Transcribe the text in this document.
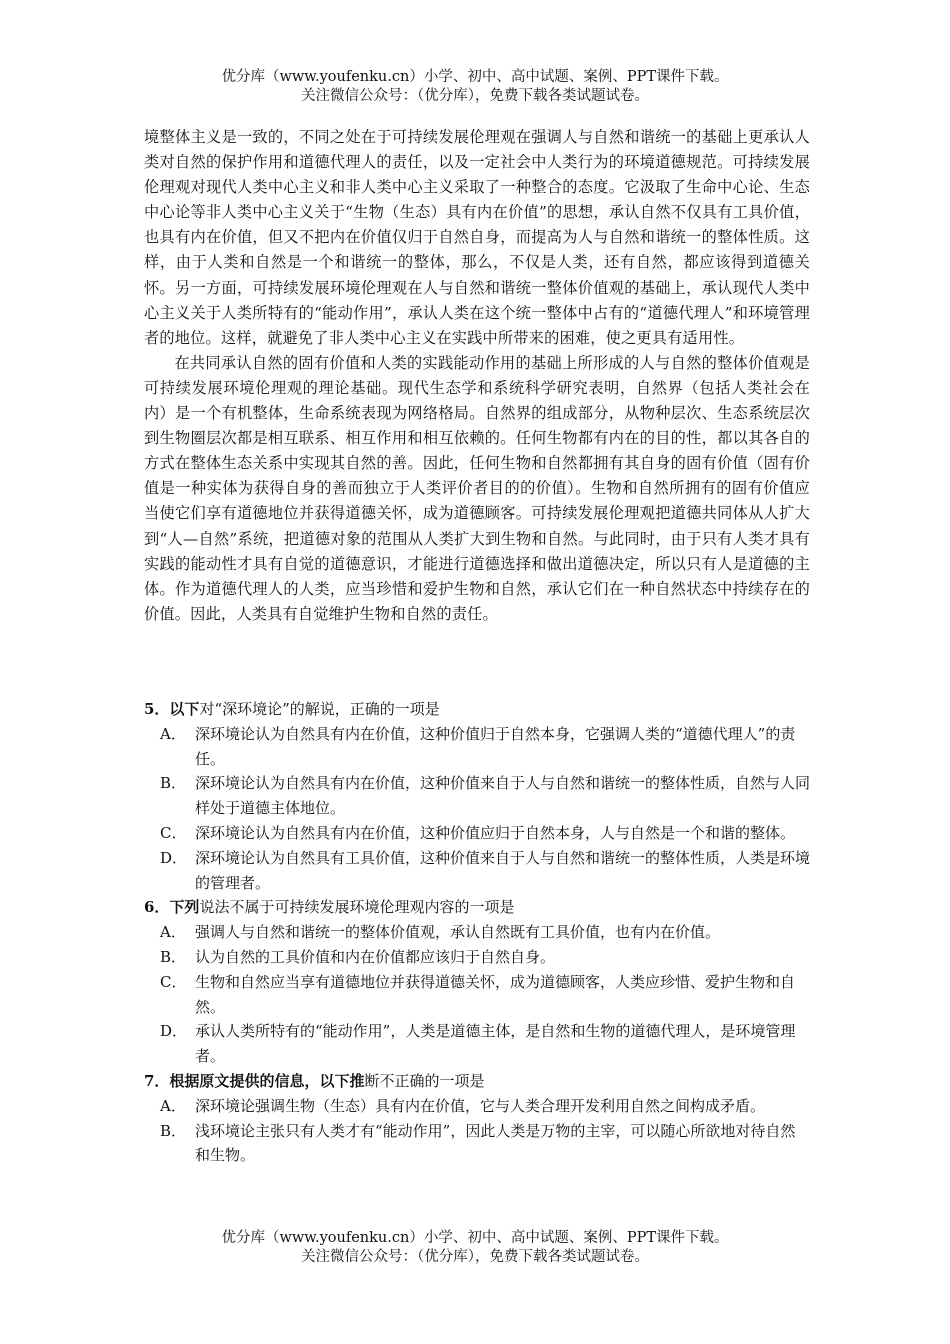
优分库（www.youfenku.cn）小学、初中、高中试题、案例、PPT课件下载。
关注微信公众号：（优分库），免费下载各类试题试卷。

境整体主义是一致的，不同之处在于可持续发展伦理观在强调人与自然和谐统一的基础上更承认人类对自然的保护作用和道德代理人的责任，以及一定社会中人类行为的环境道德规范。可持续发展伦理观对现代人类中心主义和非人类中心主义采取了一种整合的态度。它汲取了生命中心论、生态中心论等非人类中心主义关于“生物（生态）具有内在价值”的思想，承认自然不仅具有工具价值，也具有内在价值，但又不把内在价值仅归于自然自身，而提高为人与自然和谐统一的整体性质。这样，由于人类和自然是一个和谐统一的整体，那么，不仅是人类，还有自然，都应该得到道德关怀。另一方面，可持续发展环境伦理观在人与自然和谐统一整体价值观的基础上，承认现代人类中心主义关于人类所特有的“能动作用”，承认人类在这个统一整体中占有的“道德代理人”和环境管理者的地位。这样，就避免了非人类中心主义在实践中所带来的困难，使之更具有适用性。

在共同承认自然的固有价值和人类的实践能动作用的基础上所形成的人与自然的整体价值观是可持续发展环境伦理观的理论基础。现代生态学和系统科学研究表明，自然界（包括人类社会在内）是一个有机整体，生命系统表现为网络格局。自然界的组成部分，从物种层次、生态系统层次到生物圈层次都是相互联系、相互作用和相互依赖的。任何生物都有内在的目的性，都以其各自的方式在整体生态关系中实现其自然的善。因此，任何生物和自然都拥有其自身的固有价值（固有价值是一种实体为获得自身的善而独立于人类评价者目的的价值）。生物和自然所拥有的固有价值应当使它们享有道德地位并获得道德关怀，成为道德顾客。可持续发展伦理观把道德共同体从人扩大到“人—自然”系统，把道德对象的范围从人类扩大到生物和自然。与此同时，由于只有人类才具有实践的能动性才具有自觉的道德意识，才能进行道德选择和做出道德决定，所以只有人是道德的主体。作为道德代理人的人类，应当珍惜和爱护生物和自然，承认它们在一种自然状态中持续存在的价值。因此，人类具有自觉维护生物和自然的责任。

5．以下对“深环境论”的解说，正确的一项是

A． 深环境论认为自然具有内在价值，这种价值归于自然本身，它强调人类的“道德代理人”的责任。
B． 深环境论认为自然具有内在价值，这种价值来自于人与自然和谐统一的整体性质，自然与人同样处于道德主体地位。
C． 深环境论认为自然具有内在价值，这种价值应归于自然本身，人与自然是一个和谐的整体。
D． 深环境论认为自然具有工具价值，这种价值来自于人与自然和谐统一的整体性质，人类是环境的管理者。

6．下列说法不属于可持续发展环境伦理观内容的一项是

A． 强调人与自然和谐统一的整体价值观，承认自然既有工具价值，也有内在价值。
B． 认为自然的工具价值和内在价值都应该归于自然自身。
C． 生物和自然应当享有道德地位并获得道德关怀，成为道德顾客，人类应珍惜、爱护生物和自然。
D． 承认人类所特有的“能动作用”，人类是道德主体，是自然和生物的道德代理人，是环境管理者。

7．根据原文提供的信息，以下推断不正确的一项是

A． 深环境论强调生物（生态）具有内在价值，它与人类合理开发利用自然之间构成矛盾。
B． 浅环境论主张只有人类才有“能动作用”，因此人类是万物的主宰，可以随心所欲地对待自然和生物。
优分库（www.youfenku.cn）小学、初中、高中试题、案例、PPT课件下载。
关注微信公众号：（优分库），免费下载各类试题试卷。
